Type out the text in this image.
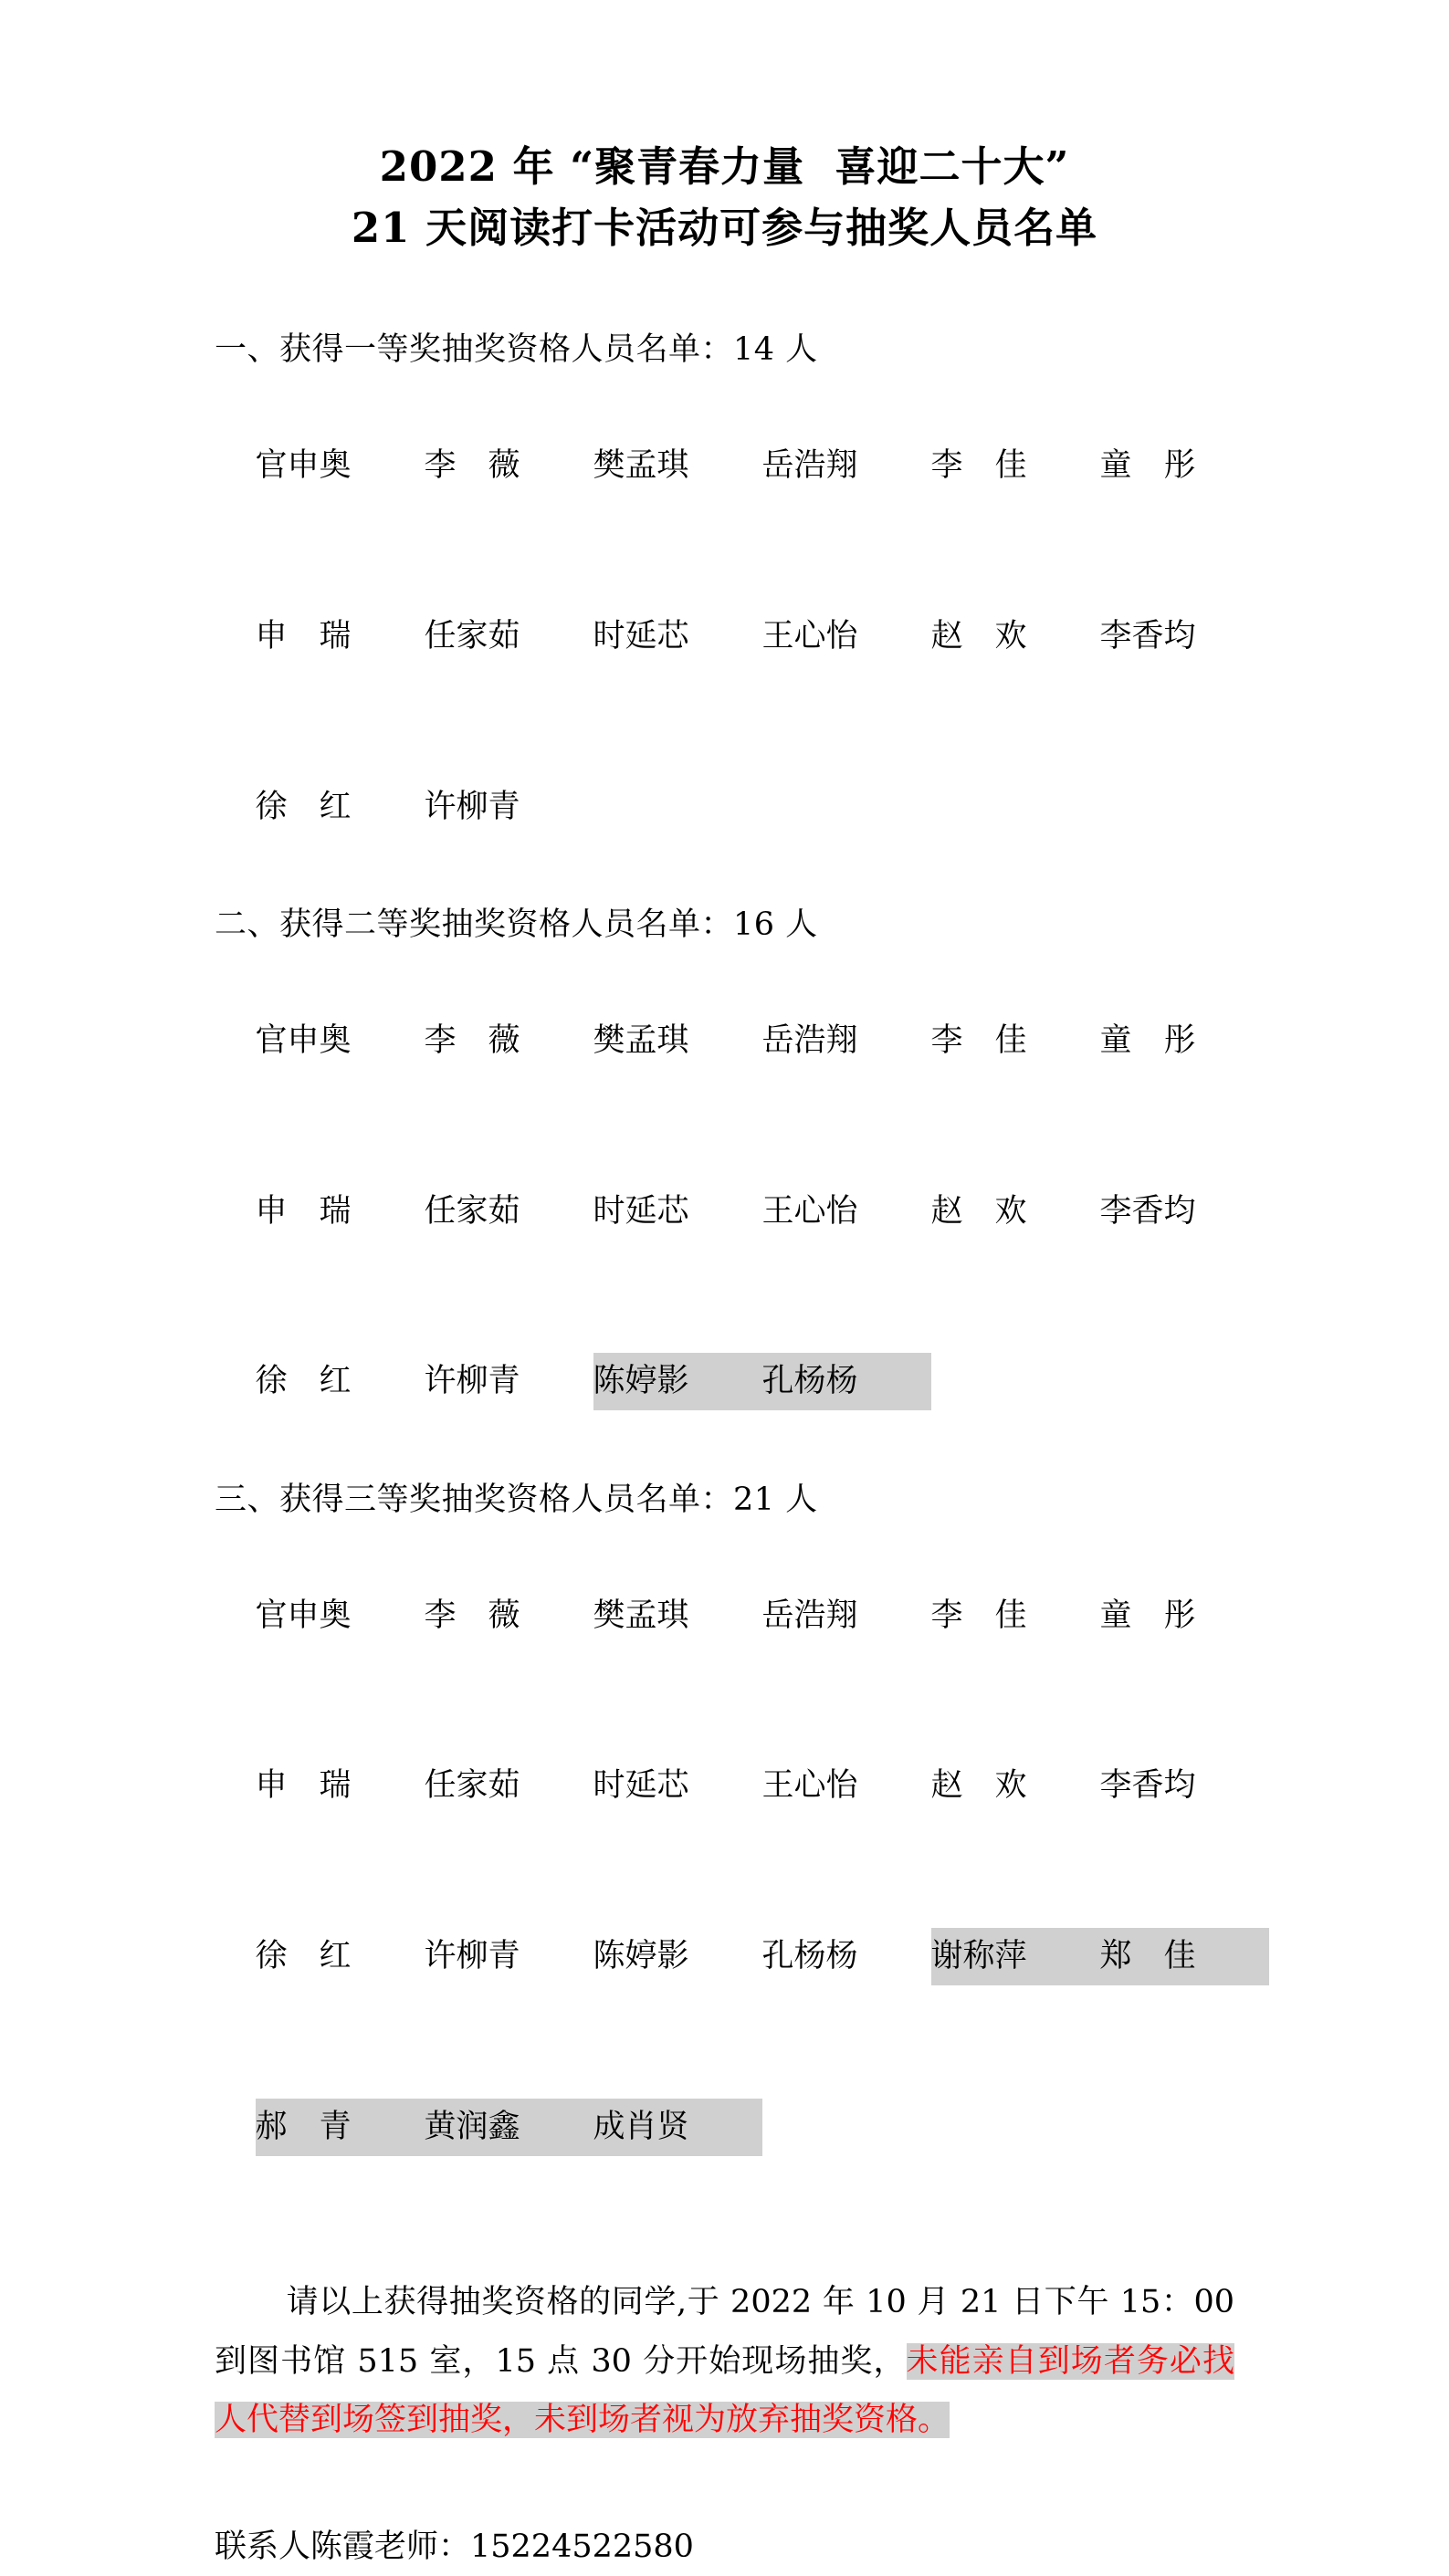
2022 年 “聚青春力量  喜迎二十大”
21 天阅读打卡活动可参与抽奖人员名单
一、获得一等奖抽奖资格人员名单：14 人

官申奥 李　薇 樊孟琪 岳浩翔 李　佳 童　彤

申　瑞 任家茹 时延芯 王心怡 赵　欢 李香均

徐　红 许柳青

二、获得二等奖抽奖资格人员名单：16 人

官申奥 李　薇 樊孟琪 岳浩翔 李　佳 童　彤

申　瑞 任家茹 时延芯 王心怡 赵　欢 李香均

徐　红 许柳青 陈婷影 孔杨杨

三、获得三等奖抽奖资格人员名单：21 人

官申奥 李　薇 樊孟琪 岳浩翔 李　佳 童　彤

申　瑞 任家茹 时延芯 王心怡 赵　欢 李香均

徐　红 许柳青 陈婷影 孔杨杨 谢称萍 郑　佳

郝　青 黄润鑫 成肖贤

请以上获得抽奖资格的同学,于 2022 年 10 月 21 日下午 15：00 到图书馆 515 室，15 点 30 分开始现场抽奖，未能亲自到场者务必找人代替到场签到抽奖，未到场者视为放弃抽奖资格。
联系人陈霞老师：15224522580
